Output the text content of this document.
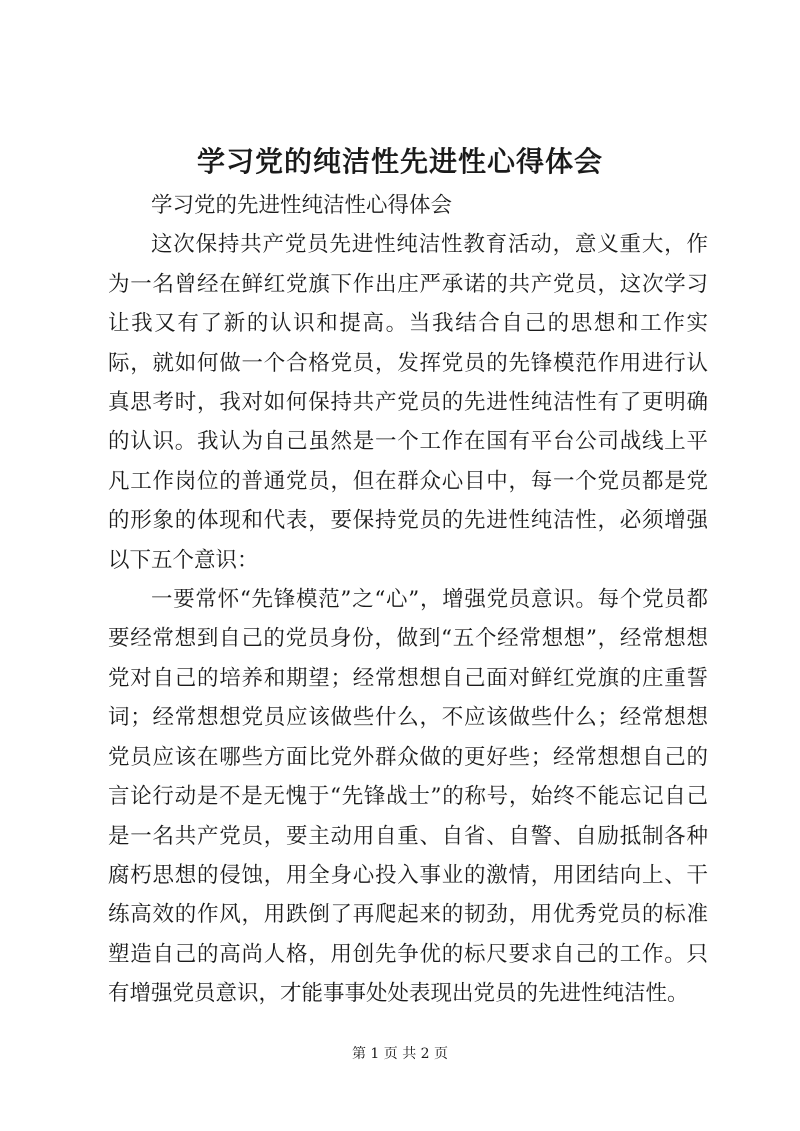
学习党的纯洁性先进性心得体会

学习党的先进性纯洁性心得体会

这次保持共产党员先进性纯洁性教育活动，意义重大，作为一名曾经在鲜红党旗下作出庄严承诺的共产党员，这次学习让我又有了新的认识和提高。当我结合自己的思想和工作实际，就如何做一个合格党员，发挥党员的先锋模范作用进行认真思考时，我对如何保持共产党员的先进性纯洁性有了更明确的认识。我认为自己虽然是一个工作在国有平台公司战线上平凡工作岗位的普通党员，但在群众心目中，每一个党员都是党的形象的体现和代表，要保持党员的先进性纯洁性，必须增强以下五个意识：

一要常怀“先锋模范”之“心”，增强党员意识。每个党员都要经常想到自己的党员身份，做到“五个经常想想”，经常想想党对自己的培养和期望；经常想想自己面对鲜红党旗的庄重誓词；经常想想党员应该做些什么，不应该做些什么；经常想想党员应该在哪些方面比党外群众做的更好些；经常想想自己的言论行动是不是无愧于“先锋战士”的称号，始终不能忘记自己是一名共产党员，要主动用自重、自省、自警、自励抵制各种腐朽思想的侵蚀，用全身心投入事业的激情，用团结向上、干练高效的作风，用跌倒了再爬起来的韧劲，用优秀党员的标准塑造自己的高尚人格，用创先争优的标尺要求自己的工作。只有增强党员意识，才能事事处处表现出党员的先进性纯洁性。

第 1 页 共 2 页
